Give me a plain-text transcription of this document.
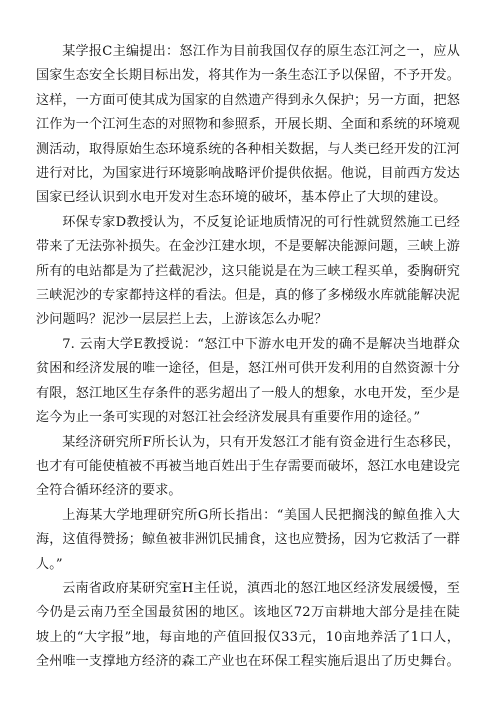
某学报C主编提出：怒江作为目前我国仅存的原生态江河之一，应从国家生态安全长期目标出发，将其作为一条生态江予以保留，不予开发。这样，一方面可使其成为国家的自然遗产得到永久保护；另一方面，把怒江作为一个江河生态的对照物和参照系，开展长期、全面和系统的环境观测活动，取得原始生态环境系统的各种相关数据，与人类已经开发的江河进行对比，为国家进行环境影响战略评价提供依据。他说，目前西方发达国家已经认识到水电开发对生态环境的破坏，基本停止了大坝的建设。

环保专家D教授认为，不反复论证地质情况的可行性就贸然施工已经带来了无法弥补损失。在金沙江建水坝，不是要解决能源问题，三峡上游所有的电站都是为了拦截泥沙，这只能说是在为三峡工程买单，委胸研究三峡泥沙的专家都持这样的看法。但是，真的修了多梯级水库就能解决泥沙问题吗？泥沙一层层拦上去，上游该怎么办呢？

7. 云南大学E教授说：“怒江中下游水电开发的确不是解决当地群众贫困和经济发展的唯一途径，但是，怒江州可供开发利用的自然资源十分有限，怒江地区生存条件的恶劣超出了一般人的想象，水电开发，至少是迄今为止一条可实现的对怒江社会经济发展具有重要作用的途径。”

某经济研究所F所长认为，只有开发怒江才能有资金进行生态移民，也才有可能使植被不再被当地百姓出于生存需要而破坏，怒江水电建设完全符合循环经济的要求。

上海某大学地理研究所G所长指出：“美国人民把搁浅的鲸鱼推入大海，这值得赞扬；鲸鱼被非洲饥民捕食，这也应赞扬，因为它救活了一群人。”

云南省政府某研究室H主任说，滇西北的怒江地区经济发展缓慢，至今仍是云南乃至全国最贫困的地区。该地区72万亩耕地大部分是挂在陡坡上的“大字报”地，每亩地的产值回报仅33元，10亩地养活了1口人，全州唯一支撑地方经济的森工产业也在环保工程实施后退出了历史舞台。
